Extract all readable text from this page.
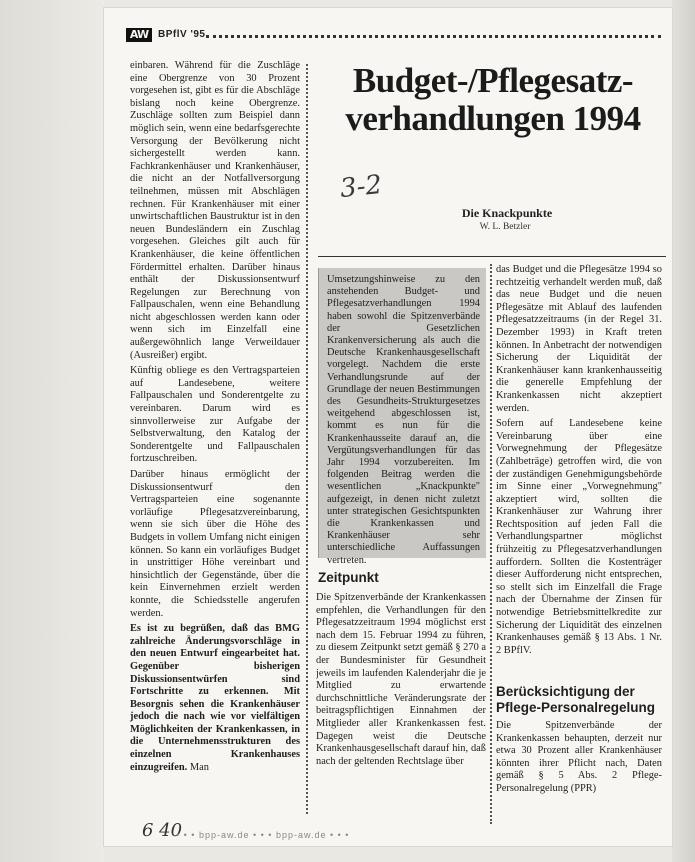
AW BPflV '95

einbaren. Während für die Zuschläge eine Obergrenze von 30 Prozent vorgesehen ist, gibt es für die Abschläge bislang noch keine Obergrenze. Zuschläge sollten zum Beispiel dann möglich sein, wenn eine bedarfsgerechte Versorgung der Bevölkerung nicht sichergestellt werden kann. Fachkrankenhäuser und Krankenhäuser, die nicht an der Notfallversorgung teilnehmen, müssen mit Abschlägen rechnen. Für Krankenhäuser mit einer unwirtschaftlichen Baustruktur ist in den neuen Bundesländern ein Zuschlag vorgesehen. Gleiches gilt auch für Krankenhäuser, die keine öffentlichen Fördermittel erhalten. Darüber hinaus enthält der Diskussionsentwurf Regelungen zur Berechnung von Fallpauschalen, wenn eine Behandlung nicht abgeschlossen werden kann oder wenn sich im Einzelfall eine außergewöhnlich lange Verweildauer (Ausreißer) ergibt.

Künftig obliege es den Vertragsparteien auf Landesebene, weitere Fallpauschalen und Sonderentgelte zu vereinbaren. Darum wird es sinnvollerweise zur Aufgabe der Selbstverwaltung, den Katalog der Sonderentgelte und Fallpauschalen fortzuschreiben.

Darüber hinaus ermöglicht der Diskussionsentwurf den Vertragsparteien eine sogenannte vorläufige Pflegesatzvereinbarung, wenn sie sich über die Höhe des Budgets in vollem Umfang nicht einigen können. So kann ein vorläufiges Budget in unstrittiger Höhe vereinbart und hinsichtlich der Gegenstände, über die kein Einvernehmen erzielt werden konnte, die Schiedsstelle angerufen werden.

Es ist zu begrüßen, daß das BMG zahlreiche Änderungsvorschläge in den neuen Entwurf eingearbeitet hat. Gegenüber bisherigen Diskussionsentwürfen sind Fortschritte zu erkennen. Mit Besorgnis sehen die Krankenhäuser jedoch die nach wie vor vielfältigen Möglichkeiten der Krankenkassen, in die Unternehmensstrukturen des einzelnen Krankenhauses einzugreifen. Man

Budget-/Pflegesatz-verhandlungen 1994
3-2
Die Knackpunkte
W. L. Betzler
Umsetzungshinweise zu den anstehenden Budget- und Pflegesatzverhandlungen 1994 haben sowohl die Spitzenverbände der Gesetzlichen Krankenversicherung als auch die Deutsche Krankenhausgesellschaft vorgelegt. Nachdem die erste Verhandlungsrunde auf der Grundlage der neuen Bestimmungen des Gesundheits-Strukturgesetzes weitgehend abgeschlossen ist, kommt es nun für die Krankenhausseite darauf an, die Vergütungsverhandlungen für das Jahr 1994 vorzubereiten. Im folgenden Beitrag werden die wesentlichen „Knackpunkte" aufgezeigt, in denen nicht zuletzt unter strategischen Gesichtspunkten die Krankenkassen und Krankenhäuser sehr unterschiedliche Auffassungen vertreten.
Zeitpunkt

Die Spitzenverbände der Krankenkassen empfehlen, die Verhandlungen für den Pflegesatzzeitraum 1994 möglichst erst nach dem 15. Februar 1994 zu führen, zu diesem Zeitpunkt setzt gemäß § 270 a der Bundesminister für Gesundheit jeweils im laufenden Kalenderjahr die je Mitglied zu erwartende durchschnittliche Veränderungsrate der beitragspflichtigen Einnahmen der Mitglieder aller Krankenkassen fest. Dagegen weist die Deutsche Krankenhausgesellschaft darauf hin, daß nach der geltenden Rechtslage über

das Budget und die Pflegesätze 1994 so rechtzeitig verhandelt werden muß, daß das neue Budget und die neuen Pflegesätze mit Ablauf des laufenden Pflegesatzzeitraums (in der Regel 31. Dezember 1993) in Kraft treten können. In Anbetracht der notwendigen Sicherung der Liquidität der Krankenhäuser kann krankenhausseitig die generelle Empfehlung der Krankenkassen nicht akzeptiert werden.

Sofern auf Landesebene keine Vereinbarung über eine Vorwegnehmung der Pflegesätze (Zahlbeträge) getroffen wird, die von der zuständigen Genehmigungsbehörde im Sinne einer „Vorwegnehmung" akzeptiert wird, sollten die Krankenhäuser zur Wahrung ihrer Rechtsposition auf jeden Fall die Verhandlungspartner möglichst frühzeitig zu Pflegesatzverhandlungen auffordern. Sollten die Kostenträger dieser Aufforderung nicht entsprechen, so stellt sich im Einzelfall die Frage nach der Übernahme der Zinsen für notwendige Betriebsmittelkredite zur Sicherung der Liquidität des einzelnen Krankenhauses gemäß § 13 Abs. 1 Nr. 2 BPflV.

Berücksichtigung der Pflege-Personalregelung

Die Spitzenverbände der Krankenkassen behaupten, derzeit nur etwa 30 Prozent aller Krankenhäuser könnten ihrer Pflicht nach, Daten gemäß § 5 Abs. 2 Pflege-Personalregelung (PPR)

6 40
• • • bpp-aw.de • • • bpp-aw.de • • •
